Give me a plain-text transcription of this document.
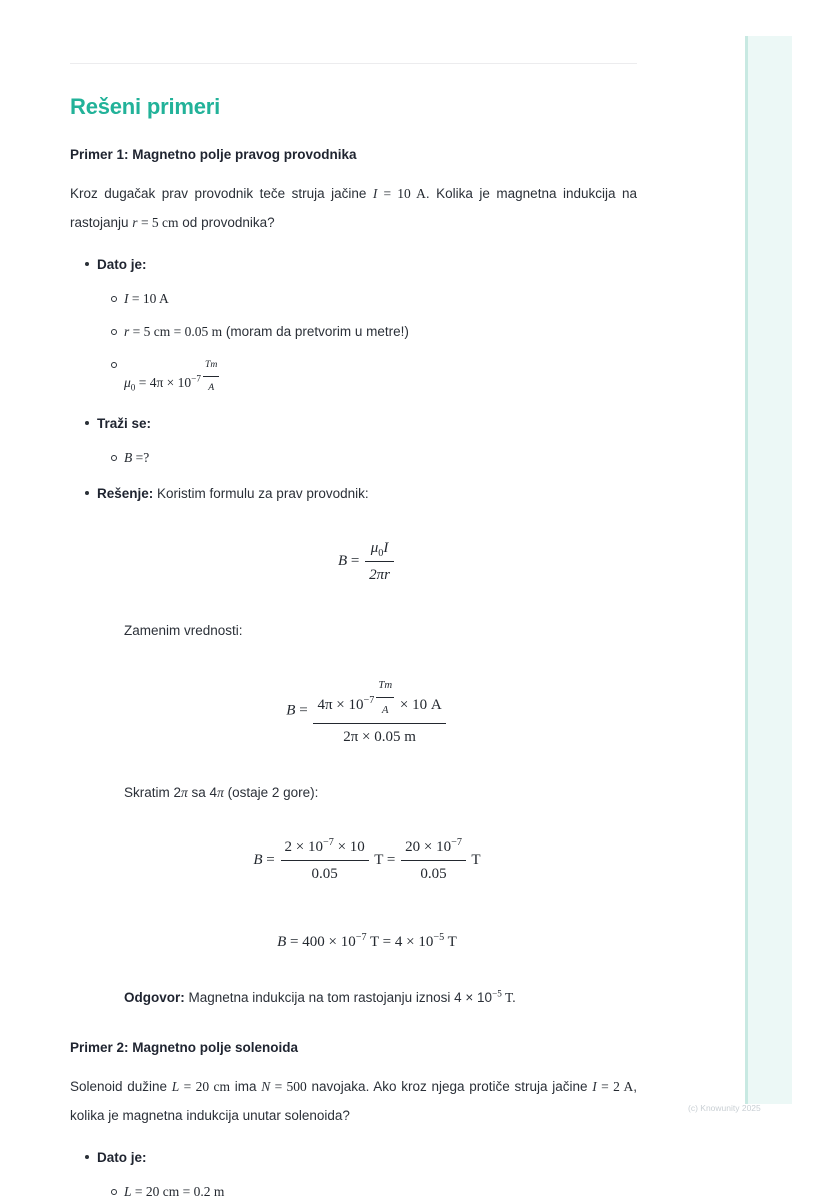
Rešeni primeri
Primer 1: Magnetno polje pravog provodnika

Kroz dugačak prav provodnik teče struja jačine I = 10 A. Kolika je magnetna indukcija na rastojanju r = 5 cm od provodnika?

Dato je:
I = 10 A
r = 5 cm = 0.05 m (moram da pretvorim u metre!)
$\mu_0 = 4\pi \times 10^{-7} \frac{Tm}{A}$
Traži se:
B =?
Rešenje: Koristim formulu za prav provodnik:
$B = \frac{\mu_0I}{2\pi r}$

Zamenim vrednosti:

$B = \frac{4\pi \times 10^{-7} \frac{Tm}{A} \times 10 A}{2\pi \times 0.05 m}$

Skratim 2π sa 4π (ostaje 2 gore):

$B = \frac{2 \times 10^{-7} \times 10}{0.05}$ $T = \frac{20 \times 10^{-7}}{0.05}$ T
$B = 400 \times 10^{-7}$ $T = 4 \times 10^{-5}$ T

Odgovor: Magnetna indukcija na tom rastojanju iznosi $4 \times 10^{-5}$ T.

Primer 2: Magnetno polje solenoida

Solenoid dužine L = 20 cm ima N = 500 navojaka. Ako kroz njega protiče struja jačine I = 2 A, kolika je magnetna indukcija unutar solenoida?

Dato je:
L = 20 cm = 0.2 m
(c) Knowunity 2025
